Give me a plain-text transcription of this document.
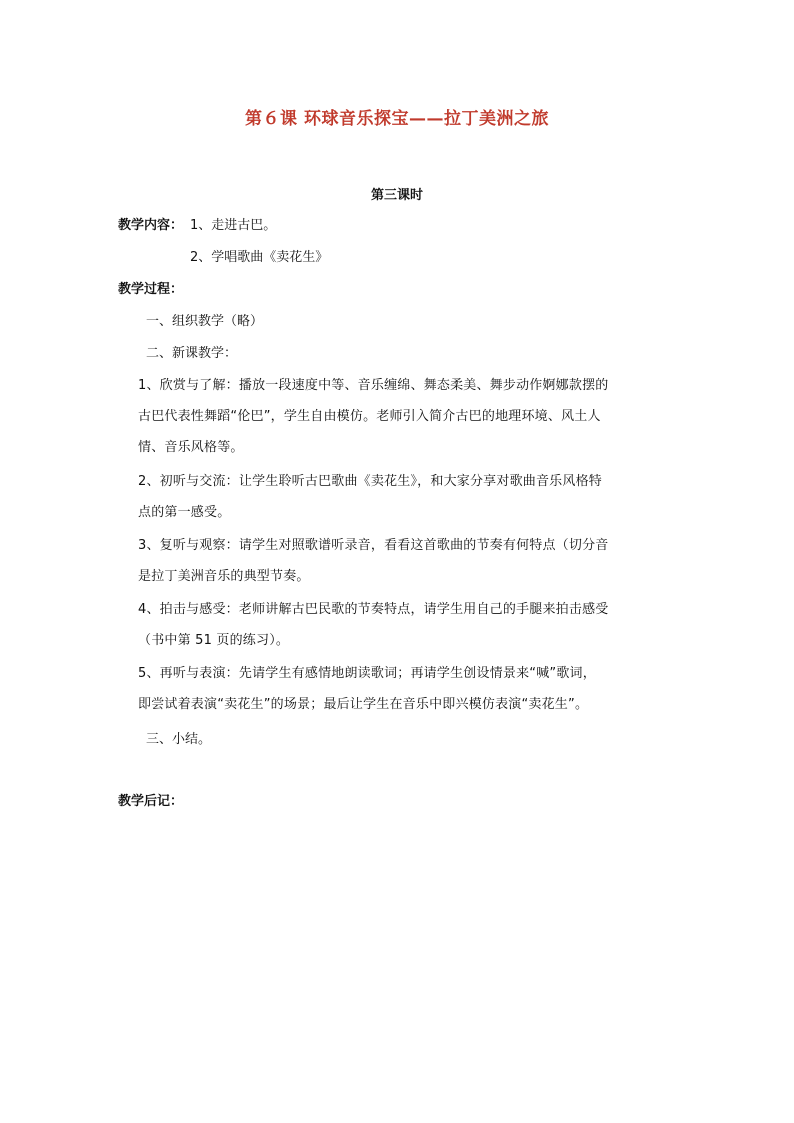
第６课 环球音乐探宝——拉丁美洲之旅
第三课时
教学内容： 1、走进古巴。
2、学唱歌曲《卖花生》
教学过程：
一、组织教学（略）
二、新课教学：
1、欣赏与了解：播放一段速度中等、音乐缠绵、舞态柔美、舞步动作婀娜款摆的
古巴代表性舞蹈“伦巴”，学生自由模仿。老师引入简介古巴的地理环境、风土人
情、音乐风格等。
2、初听与交流：让学生聆听古巴歌曲《卖花生》，和大家分享对歌曲音乐风格特
点的第一感受。
3、复听与观察：请学生对照歌谱听录音，看看这首歌曲的节奏有何特点（切分音
是拉丁美洲音乐的典型节奏。
4、拍击与感受：老师讲解古巴民歌的节奏特点，请学生用自己的手腿来拍击感受
（书中第 51 页的练习）。
5、再听与表演：先请学生有感情地朗读歌词；再请学生创设情景来“喊”歌词，
即尝试着表演“卖花生”的场景；最后让学生在音乐中即兴模仿表演“卖花生”。
三、小结。
教学后记：
